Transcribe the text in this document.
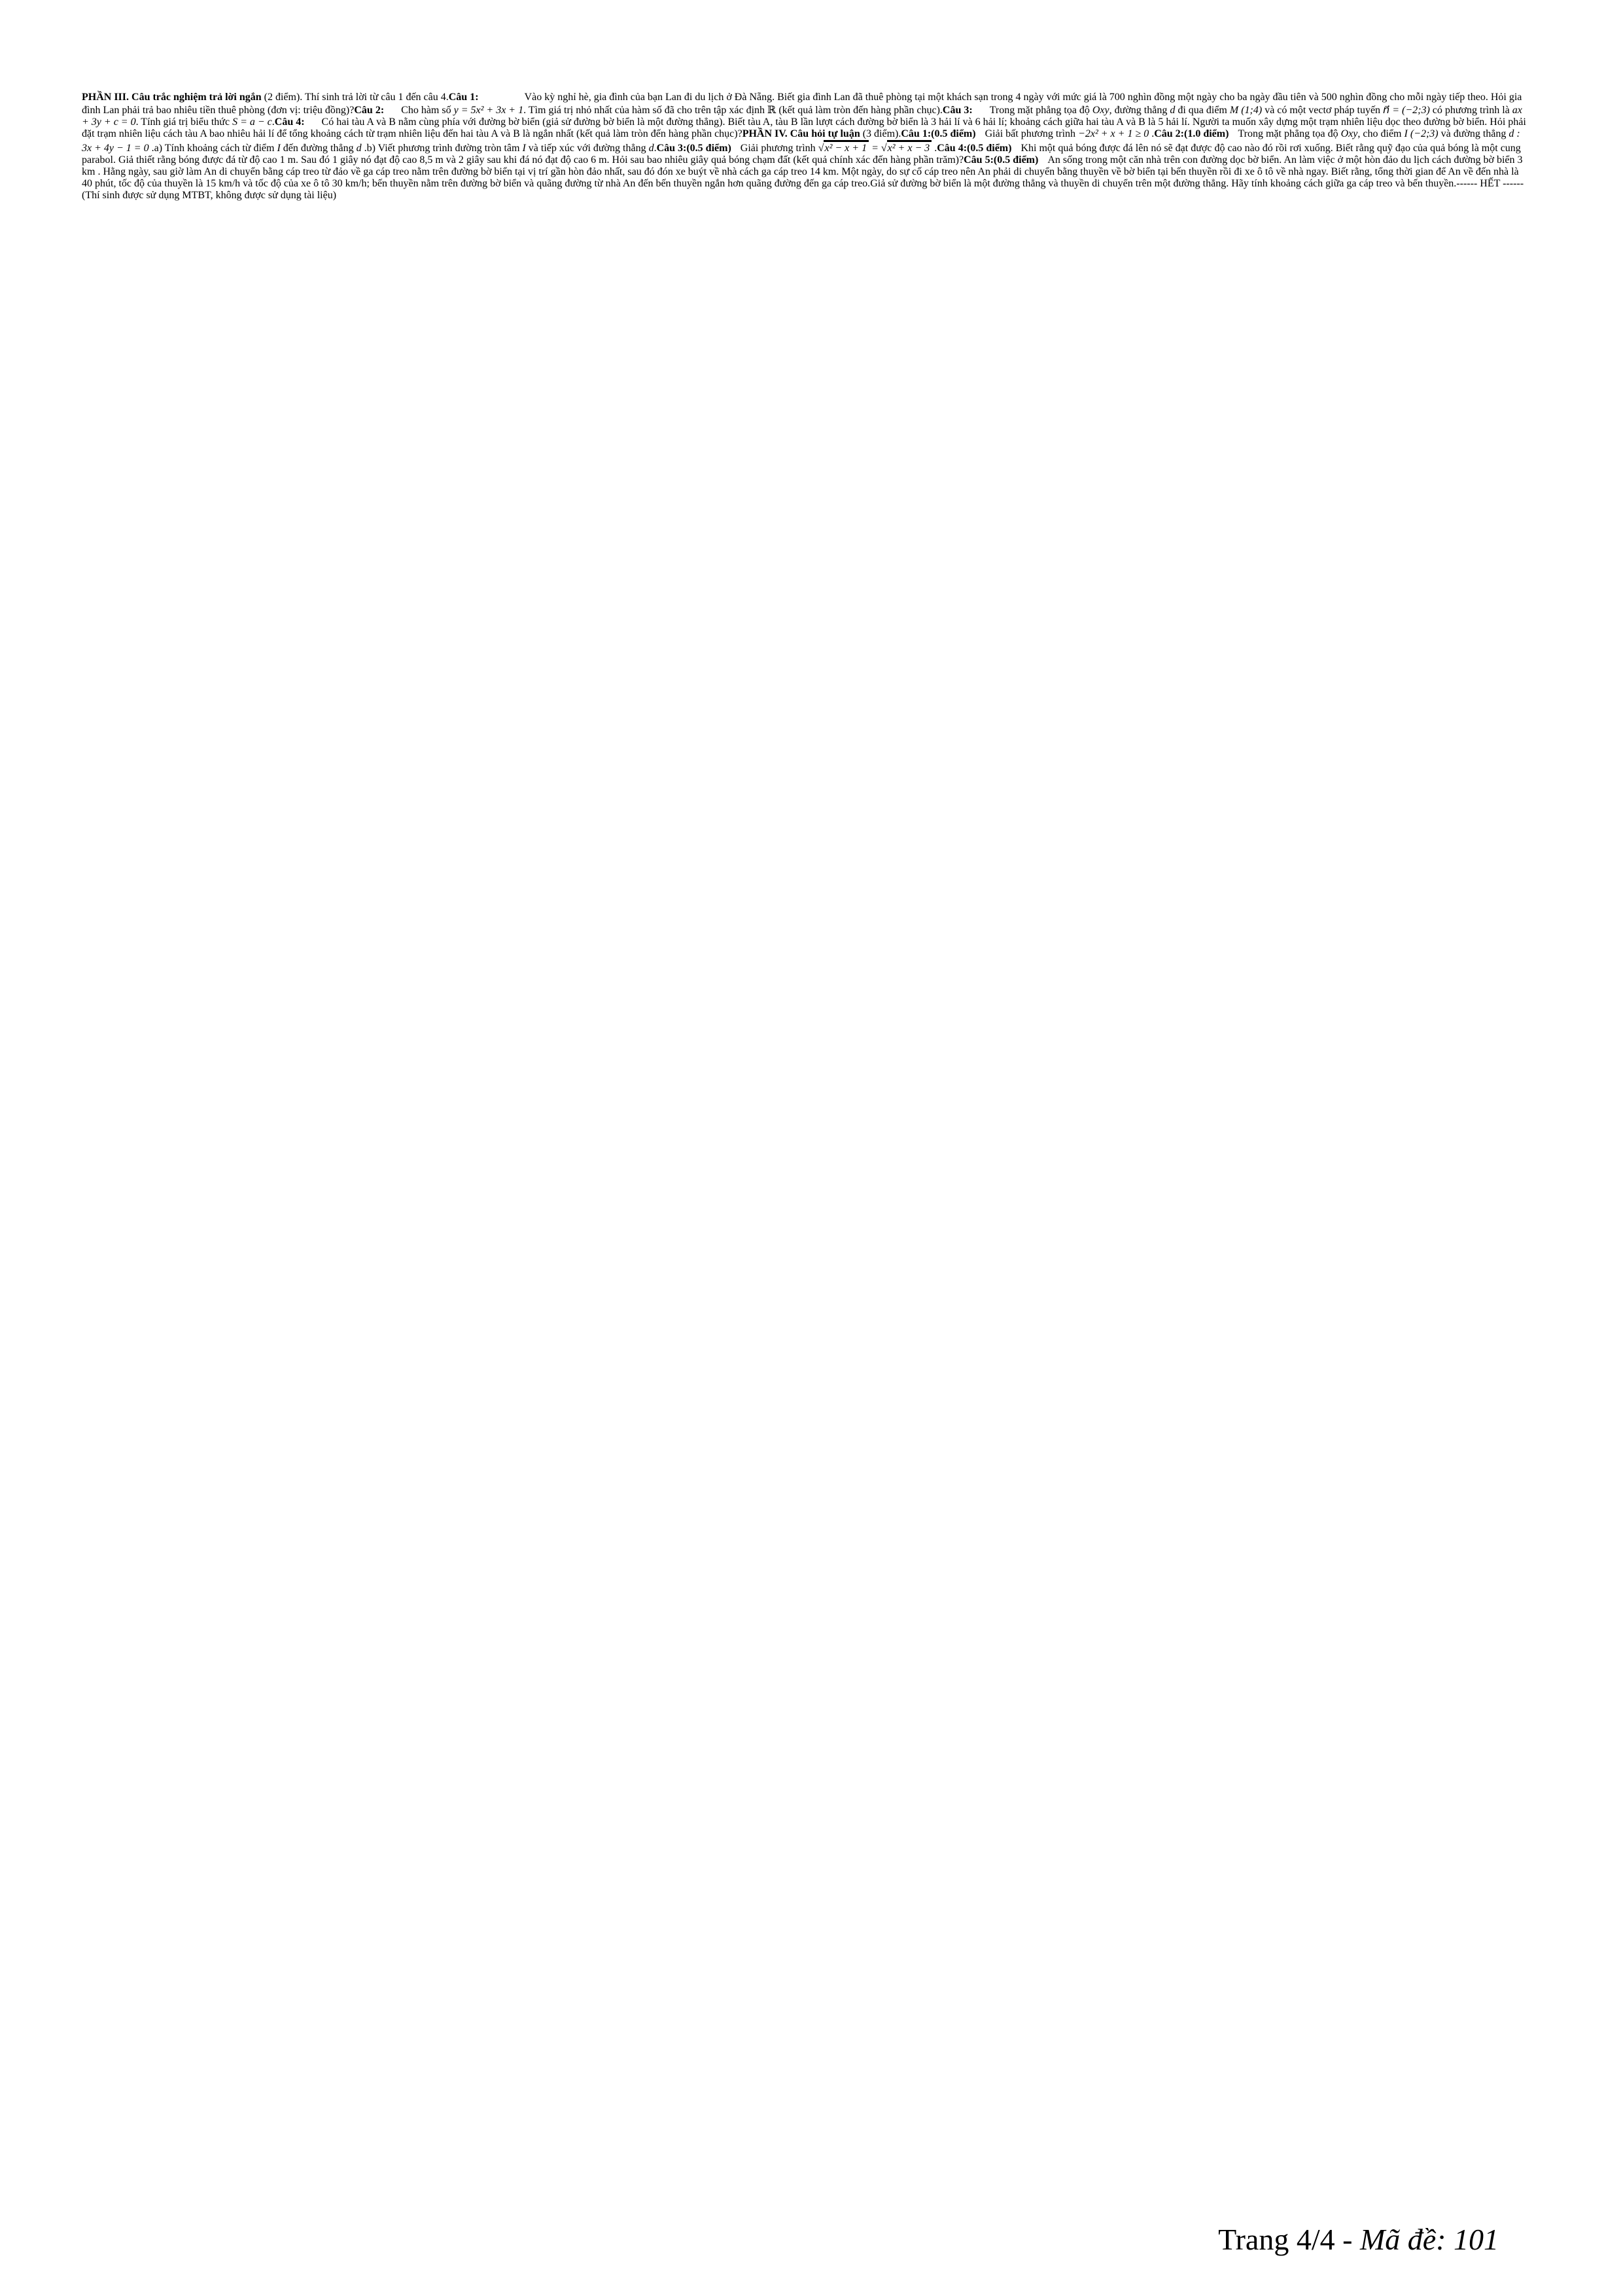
PHẦN III. Câu trắc nghiệm trả lời ngắn (2 điểm). Thí sinh trả lời từ câu 1 đến câu 4.Câu 1:	Vào kỳ nghỉ hè, gia đình của bạn Lan đi du lịch ở Đà Nẵng. Biết gia đình Lan đã thuê phòng tại một khách sạn trong 4 ngày với mức giá là 700 nghìn đồng một ngày cho ba ngày đầu tiên và 500 nghìn đồng cho mỗi ngày tiếp theo. Hỏi gia đình Lan phải trả bao nhiêu tiền thuê phòng (đơn vị: triệu đồng)?Câu 2: Cho hàm số y = 5x² + 3x + 1. Tìm giá trị nhỏ nhất của hàm số đã cho trên tập xác định ℝ (kết quả làm tròn đến hàng phần chục).Câu 3: Trong mặt phẳng tọa độ Oxy, đường thẳng d đi qua điểm M (1;4) và có một vectơ pháp tuyến n⃗ = (−2;3) có phương trình là ax + 3y + c = 0. Tính giá trị biểu thức S = a − c.Câu 4: Có hai tàu A và B nằm cùng phía với đường bờ biển (giả sử đường bờ biển là một đường thẳng). Biết tàu A, tàu B lần lượt cách đường bờ biển là 3 hải lí và 6 hải lí; khoảng cách giữa hai tàu A và B là 5 hải lí. Người ta muốn xây dựng một trạm nhiên liệu dọc theo đường bờ biển. Hỏi phải đặt trạm nhiên liệu cách tàu A bao nhiêu hải lí để tổng khoảng cách từ trạm nhiên liệu đến hai tàu A và B là ngắn nhất (kết quả làm tròn đến hàng phần chục)?PHẦN IV. Câu hỏi tự luận (3 điểm).Câu 1:(0.5 điểm) Giải bất phương trình −2x² + x + 1 ≥ 0 .Câu 2:(1.0 điểm) Trong mặt phẳng tọa độ Oxy, cho điểm I (−2;3) và đường thẳng d : 3x + 4y − 1 = 0 .a) Tính khoảng cách từ điểm I đến đường thẳng d .b) Viết phương trình đường tròn tâm I và tiếp xúc với đường thẳng d.Câu 3:(0.5 điểm) Giải phương trình √x² − x + 1 = √x² + x − 3 .Câu 4:(0.5 điểm) Khi một quả bóng được đá lên nó sẽ đạt được độ cao nào đó rồi rơi xuống. Biết rằng quỹ đạo của quả bóng là một cung parabol. Giả thiết rằng bóng được đá từ độ cao 1 m. Sau đó 1 giây nó đạt độ cao 8,5 m và 2 giây sau khi đá nó đạt độ cao 6 m. Hỏi sau bao nhiêu giây quả bóng chạm đất (kết quả chính xác đến hàng phần trăm)?Câu 5:(0.5 điểm) An sống trong một căn nhà trên con đường dọc bờ biển. An làm việc ở một hòn đảo du lịch cách đường bờ biển 3 km . Hằng ngày, sau giờ làm An di chuyển bằng cáp treo từ đảo về ga cáp treo nằm trên đường bờ biển tại vị trí gần hòn đảo nhất, sau đó đón xe buýt về nhà cách ga cáp treo 14 km. Một ngày, do sự cố cáp treo nên An phải di chuyển bằng thuyền về bờ biển tại bến thuyền rồi đi xe ô tô về nhà ngay. Biết rằng, tổng thời gian để An về đến nhà là 40 phút, tốc độ của thuyền là 15 km/h và tốc độ của xe ô tô 30 km/h; bến thuyền nằm trên đường bờ biển và quãng đường từ nhà An đến bến thuyền ngắn hơn quãng đường đến ga cáp treo.Giả sử đường bờ biển là một đường thẳng và thuyền di chuyển trên một đường thẳng. Hãy tính khoảng cách giữa ga cáp treo và bến thuyền.------ HẾT ------(Thí sinh được sử dụng MTBT, không được sử dụng tài liệu)
Trang 4/4 - Mã đề: 101
